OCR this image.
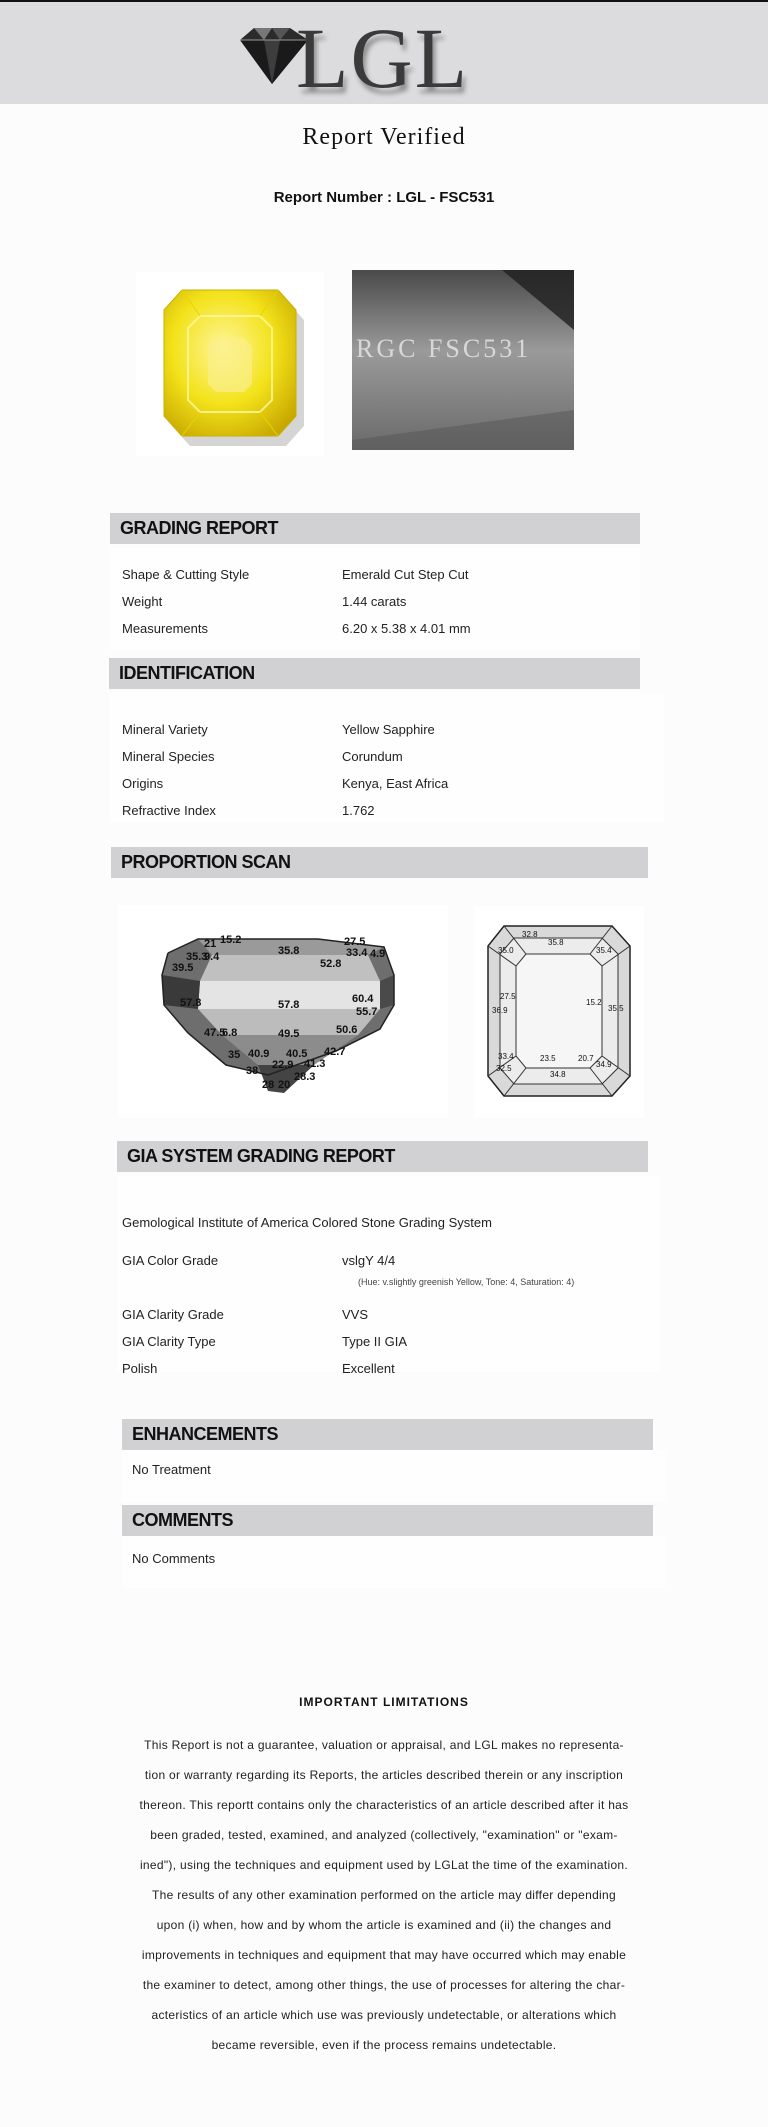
LGL
Report Verified
Report Number : LGL - FSC531
RGC FSC531
GRADING REPORT
Shape & Cutting Style	Emerald Cut Step Cut
Weight	1.44 carats
Measurements	6.20 x 5.38 x 4.01 mm
IDENTIFICATION
Mineral Variety	Yellow Sapphire
Mineral Species	Corundum
Origins	Kenya, East Africa
Refractive Index	1.762
PROPORTION SCAN
21 15.2	27.5
35.3
9.4	35.8	33.4 4.9
39.5	52.8
57.8	57.8	60.4
55.7
49.5
47.5
6.8	50.6
35 40.9 40.5 42.7
38
28
22.9 41.3
20
28.3
32.8
35.8
35.4
35.0
27.5
15.2
36.9	35.5
33.4	23.5	20.7
34.9
32.5
34.8
GIA SYSTEM GRADING REPORT
Gemological Institute of America Colored Stone Grading System
GIA Color Grade	vslgY 4/4
(Hue: v.slightly greenish Yellow, Tone: 4, Saturation: 4)
GIA Clarity Grade	VVS
GIA Clarity Type	Type II GIA
Polish	Excellent
ENHANCEMENTS
No Treatment
COMMENTS
No Comments
IMPORTANT LIMITATIONS
This Report is not a guarantee, valuation or appraisal, and LGL makes no representa-
tion or warranty regarding its Reports, the articles described therein or any inscription
thereon. This reportt contains only the characteristics of an article described after it has
been graded, tested, examined, and analyzed (collectively, "examination" or "exam-
ined"), using the techniques and equipment used by LGLat the time of the examination.
The results of any other examination performed on the article may differ depending
upon (i) when, how and by whom the article is examined and (ii) the changes and
improvements in techniques and equipment that may have occurred which may enable
the examiner to detect, among other things, the use of processes for altering the char-
acteristics of an article which use was previously undetectable, or alterations which
became reversible, even if the process remains undetectable.
